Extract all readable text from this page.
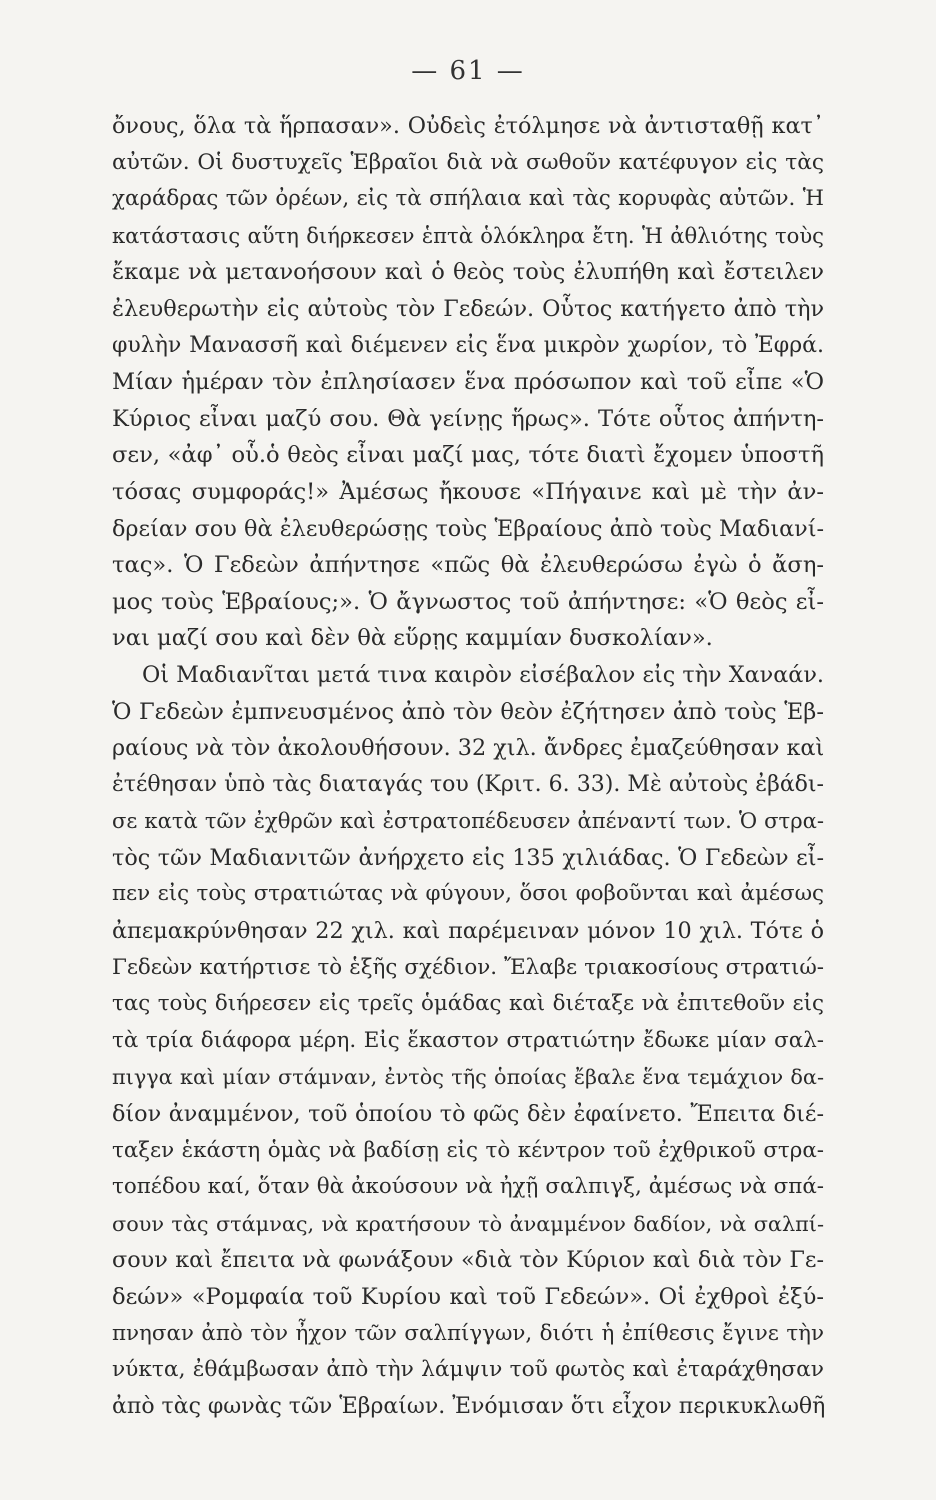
— 61 —
ὄνους, ὅλα τὰ ἥρπασαν». Οὐδεὶς ἐτόλμησε νὰ ἀντισταθῇ κατ᾽
αὐτῶν. Οἱ δυστυχεῖς Ἑβραῖοι διὰ νὰ σωθοῦν κατέφυγον εἰς τὰς
χαράδρας τῶν ὀρέων, εἰς τὰ σπήλαια καὶ τὰς κορυφὰς αὐτῶν. Ἡ
κατάστασις αὕτη διήρκεσεν ἑπτὰ ὁλόκληρα ἔτη. Ἡ ἀθλιότης τοὺς
ἔκαμε νὰ μετανοήσουν καὶ ὁ θεὸς τοὺς ἐλυπήθη καὶ ἔστειλεν
ἐλευθερωτὴν εἰς αὐτοὺς τὸν Γεδεών. Οὗτος κατήγετο ἀπὸ τὴν
φυλὴν Μανασσῆ καὶ διέμενεν εἰς ἕνα μικρὸν χωρίον, τὸ Ἐφρά.
Μίαν ἡμέραν τὸν ἐπλησίασεν ἕνα πρόσωπον καὶ τοῦ εἶπε «Ὁ
Κύριος εἶναι μαζύ σου. Θὰ γείνῃς ἥρως». Τότε οὗτος ἀπήντη-
σεν, «ἀφ᾽ οὗ.ὁ θεὸς εἶναι μαζί μας, τότε διατὶ ἔχομεν ὑποστῆ
τόσας συμφοράς!» Ἀμέσως ἤκουσε «Πήγαινε καὶ μὲ τὴν ἀν-
δρείαν σου θὰ ἐλευθερώσῃς τοὺς Ἑβραίους ἀπὸ τοὺς Μαδιανί-
τας». Ὁ Γεδεὼν ἀπήντησε «πῶς θὰ ἐλευθερώσω ἐγὼ ὁ ἄση-
μος τοὺς Ἑβραίους;». Ὁ ἄγνωστος τοῦ ἀπήντησε: «Ὁ θεὸς εἶ-
ναι μαζί σου καὶ δὲν θὰ εὕρῃς καμμίαν δυσκολίαν».
Οἱ Μαδιανῖται μετά τινα καιρὸν εἰσέβαλον εἰς τὴν Χαναάν.
Ὁ Γεδεὼν ἐμπνευσμένος ἀπὸ τὸν θεὸν ἐζήτησεν ἀπὸ τοὺς Ἑβ-
ραίους νὰ τὸν ἀκολουθήσουν. 32 χιλ. ἄνδρες ἐμαζεύθησαν καὶ
ἐτέθησαν ὑπὸ τὰς διαταγάς του (Κριτ. 6. 33). Μὲ αὐτοὺς ἐβάδι-
σε κατὰ τῶν ἐχθρῶν καὶ ἐστρατοπέδευσεν ἀπέναντί των. Ὁ στρα-
τὸς τῶν Μαδιανιτῶν ἀνήρχετο εἰς 135 χιλιάδας. Ὁ Γεδεὼν εἶ-
πεν εἰς τοὺς στρατιώτας νὰ φύγουν, ὅσοι φοβοῦνται καὶ ἀμέσως
ἀπεμακρύνθησαν 22 χιλ. καὶ παρέμειναν μόνον 10 χιλ. Τότε ὁ
Γεδεὼν κατήρτισε τὸ ἑξῆς σχέδιον. Ἔλαβε τριακοσίους στρατιώ-
τας τοὺς διήρεσεν εἰς τρεῖς ὁμάδας καὶ διέταξε νὰ ἐπιτεθοῦν εἰς
τὰ τρία διάφορα μέρη. Εἰς ἕκαστον στρατιώτην ἔδωκε μίαν σαλ-
πιγγα καὶ μίαν στάμναν, ἐντὸς τῆς ὁποίας ἔβαλε ἕνα τεμάχιον δα-
δίον ἀναμμένον, τοῦ ὁποίου τὸ φῶς δὲν ἐφαίνετο. Ἔπειτα διέ-
ταξεν ἑκάστη ὁμὰς νὰ βαδίσῃ εἰς τὸ κέντρον τοῦ ἐχθρικοῦ στρα-
τοπέδου καί, ὅταν θὰ ἀκούσουν νὰ ἠχῇ σαλπιγξ, ἀμέσως νὰ σπά-
σουν τὰς στάμνας, νὰ κρατήσουν τὸ ἀναμμένον δαδίον, νὰ σαλπί-
σουν καὶ ἔπειτα νὰ φωνάξουν «διὰ τὸν Κύριον καὶ διὰ τὸν Γε-
δεών» «Ρομφαία τοῦ Κυρίου καὶ τοῦ Γεδεών». Οἱ ἐχθροὶ ἐξύ-
πνησαν ἀπὸ τὸν ἦχον τῶν σαλπίγγων, διότι ἡ ἐπίθεσις ἔγινε τὴν
νύκτα, ἐθάμβωσαν ἀπὸ τὴν λάμψιν τοῦ φωτὸς καὶ ἐταράχθησαν
ἀπὸ τὰς φωνὰς τῶν Ἑβραίων. Ἐνόμισαν ὅτι εἶχον περικυκλωθῆ
